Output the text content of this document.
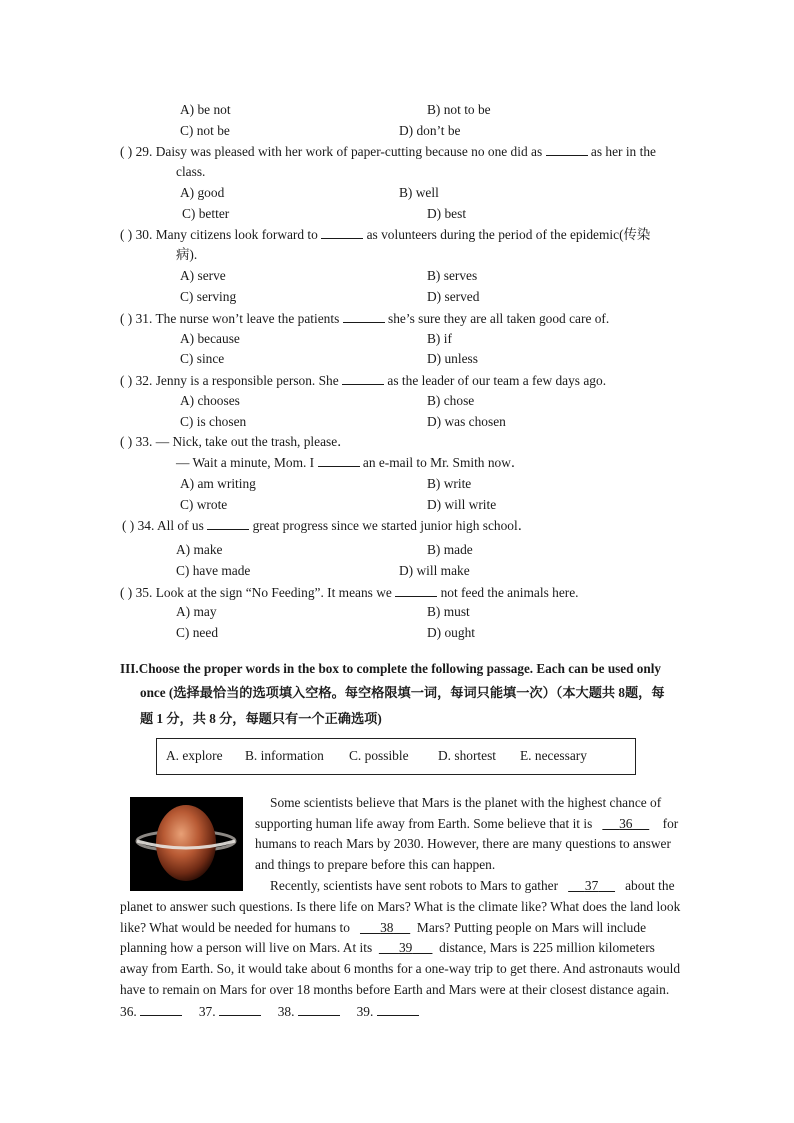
A) be not	B) not to be
C) not be	D) don’t be
( ) 29. Daisy was pleased with her work of paper-cutting because no one did as	as her in the
class.
A) good	B) well
C) better	D) best
( ) 30. Many citizens look forward to	as volunteers during the period of the epidemic(传染
病).
A) serve	B) serves
C) serving	D) served
( ) 31. The nurse won’t leave the patients	she’s sure they are all taken good care of.
A) because	B) if
C) since	D) unless
( ) 32. Jenny is a responsible person. She	as the leader of our team a few days ago.
A) chooses	B) chose
C) is chosen	D) was chosen
( ) 33. — Nick, take out the trash, please．
— Wait a minute, Mom. I	an e-mail to Mr. Smith now．
A) am writing	B) write
C) wrote	D) will write
( ) 34. All of us	great progress since we started junior high school．
A) make	B) made
C) have made	D) will make
( ) 35. Look at the sign “No Feeding”. It means we	not feed the animals here.
A) may	B) must
C) need	D) ought
III.Choose the proper words in the box to complete the following passage. Each can be used only
once (选择最恰当的选项填入空格。每空格限填一词，每词只能填一次）（本大题共 8题，每
题 1 分，共 8 分，每题只有一个正确选项)
A. explore B. information C. possible D. shortest E. necessary
Some scientists believe that Mars is the planet with the highest chance of
supporting human life away from Earth. Some believe that it is 36 for
humans to reach Mars by 2030. However, there are many questions to answer
and things to prepare before this can happen.
Recently, scientists have sent robots to Mars to gather 37 about the
planet to answer such questions. Is there life on Mars? What is the climate like? What does the land look
like? What would be needed for humans to 38 Mars? Putting people on Mars will include
planning how a person will live on Mars. At its 39 distance, Mars is 225 million kilometers
away from Earth. So, it would take about 6 months for a one-way trip to get there. And astronauts would
have to remain on Mars for over 18 months before Earth and Mars were at their closest distance again.
36.	37.	38.	39.
